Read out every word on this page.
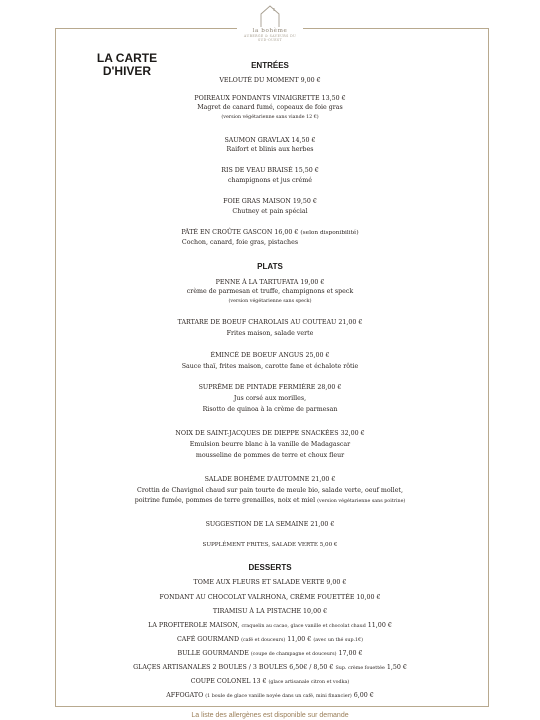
la bohème
AUBERGE & SAVEURS DU
SUD-OUEST
LA CARTE
D'HIVER	ENTRÉES
VELOUTÉ DU MOMENT 9,00 €
POIREAUX FONDANTS VINAIGRETTE 13,50 €
Magret de canard fumé, copeaux de foie gras
(version végétarienne sans viande 12 €)
SAUMON GRAVLAX 14,50 €
Raifort et blinis aux herbes
RIS DE VEAU BRAISÉ 15,50 €
champignons et jus crémé
FOIE GRAS MAISON 19,50 €
Chutney et pain spécial
PÂTÉ EN CROÛTE GASCON 16,00 € (selon disponibilité)
Cochon, canard, foie gras, pistaches
PLATS
PENNE À LA TARTUFATA 19,00 €
crème de parmesan et truffe, champignons et speck
(version végétarienne sans speck)
TARTARE DE BOEUF CHAROLAIS AU COUTEAU 21,00 €
Frites maison, salade verte
ÉMINCÉ DE BOEUF ANGUS 25,00 €
Sauce thaï, frites maison, carotte fane et échalote rôtie
SUPRÊME DE PINTADE FERMIÈRE 28,00 €
Jus corsé aux morilles,
Risotto de quinoa à la crème de parmesan
NOIX DE SAINT-JACQUES DE DIEPPE SNACKÉES 32,00 €
Emulsion beurre blanc à la vanille de Madagascar
mousseline de pommes de terre et choux fleur
SALADE BOHÈME D'AUTOMNE 21,00 €
Crottin de Chavignol chaud sur pain tourte de meule bio, salade verte, oeuf mollet,
poitrine fumée, pommes de terre grenailles, noix et miel (version végétarienne sans poitrine)
SUGGESTION DE LA SEMAINE 21,00 €
SUPPLÉMENT FRITES, SALADE VERTE 5,00 €
DESSERTS
TOME AUX FLEURS ET SALADE VERTE 9,00 €
FONDANT AU CHOCOLAT VALRHONA, CRÈME FOUETTÉE 10,00 €
TIRAMISU À LA PISTACHE 10,00 €
LA PROFITEROLE MAISON, craquelin au cacao, glace vanille et chocolat chaud 11,00 €
CAFÉ GOURMAND (café et douceurs) 11,00 € (avec un thé sup.1€)
BULLE GOURMANDE (coupe de champagne et douceurs) 17,00 €
GLAÇES ARTISANALES 2 BOULES / 3 BOULES 6,50€ / 8,50 € Sup. crème fouettée 1,50 €
COUPE COLONEL 13 € (glace artisanale citron et vodka)
AFFOGATO (1 boule de glace vanille noyée dans un café, mini financier) 6,00 €
La liste des allergènes est disponible sur demande
